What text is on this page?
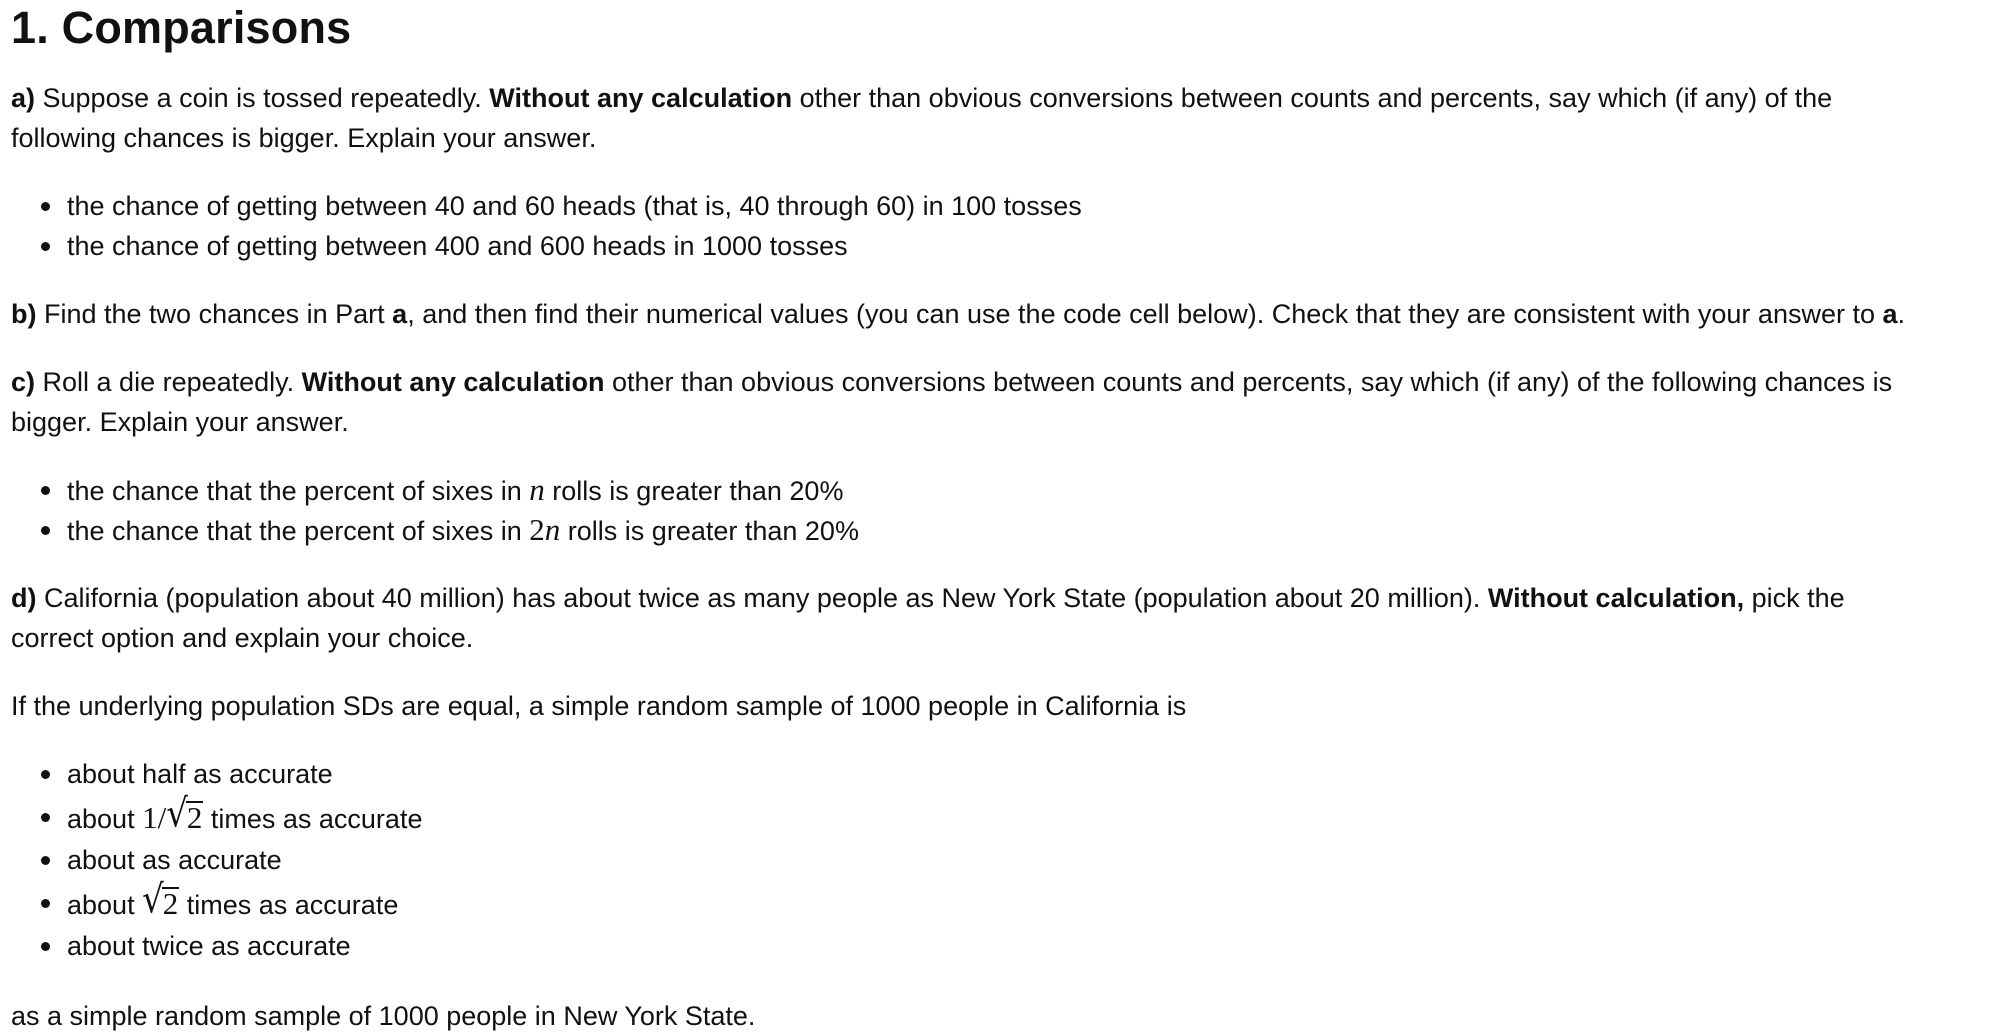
1. Comparisons

a) Suppose a coin is tossed repeatedly. Without any calculation other than obvious conversions between counts and percents, say which (if any) of the
following chances is bigger. Explain your answer.

the chance of getting between 40 and 60 heads (that is, 40 through 60) in 100 tosses
the chance of getting between 400 and 600 heads in 1000 tosses

b) Find the two chances in Part a, and then find their numerical values (you can use the code cell below). Check that they are consistent with your answer to a.

c) Roll a die repeatedly. Without any calculation other than obvious conversions between counts and percents, say which (if any) of the following chances is
bigger. Explain your answer.

the chance that the percent of sixes in n rolls is greater than 20%
the chance that the percent of sixes in 2n rolls is greater than 20%

d) California (population about 40 million) has about twice as many people as New York State (population about 20 million). Without calculation, pick the
correct option and explain your choice.

If the underlying population SDs are equal, a simple random sample of 1000 people in California is

about half as accurate
about 1/√2 times as accurate
about as accurate
about √2 times as accurate
about twice as accurate

as a simple random sample of 1000 people in New York State.
